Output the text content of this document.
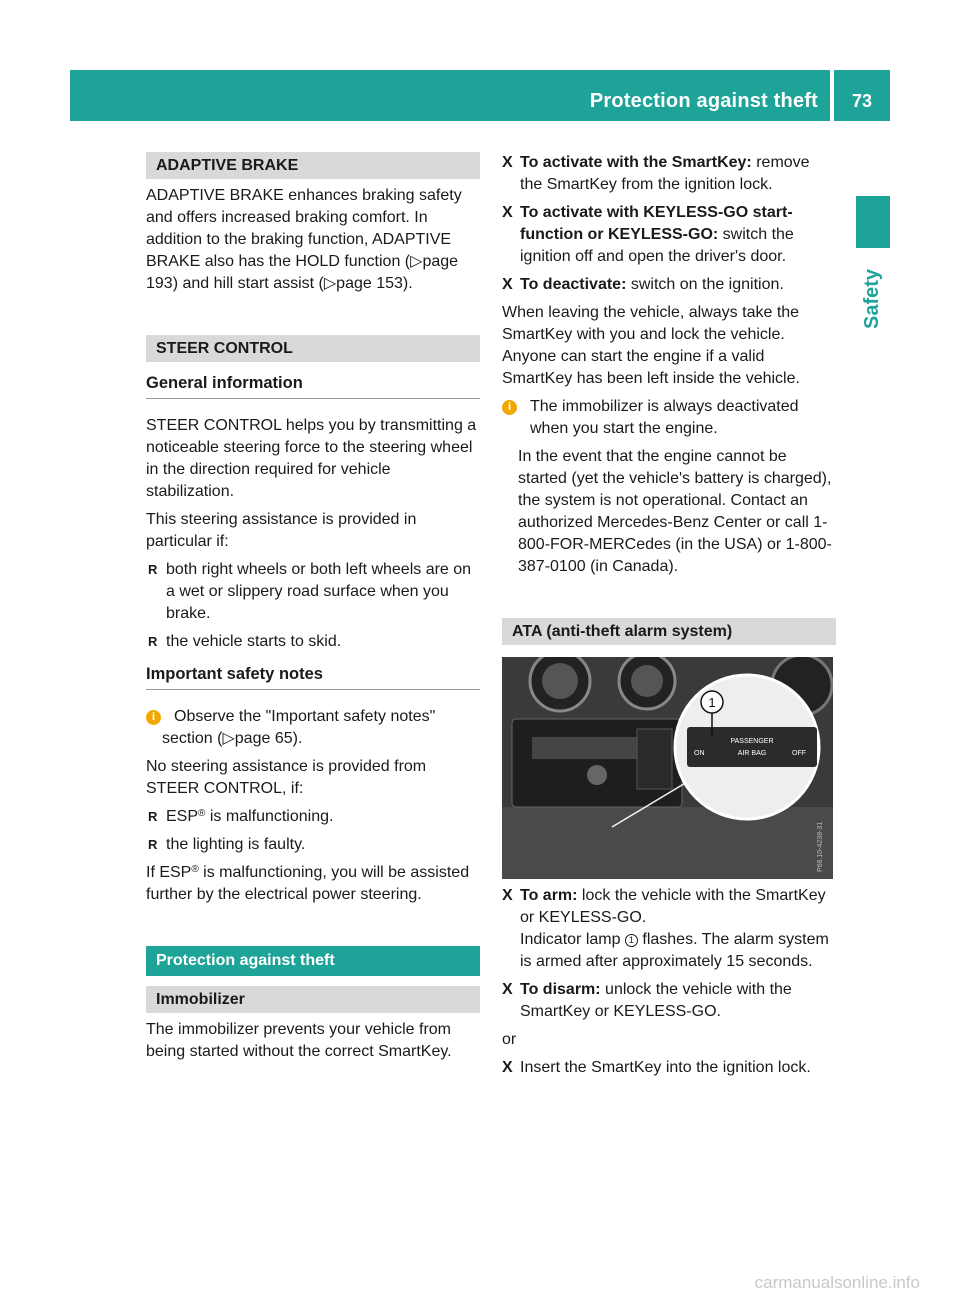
Protection against theft	73
Safety
ADAPTIVE BRAKE

ADAPTIVE BRAKE enhances braking safety and offers increased braking comfort. In addition to the braking function, ADAPTIVE BRAKE also has the HOLD function (▷page 193) and hill start assist (▷page 153).

STEER CONTROL
General information

STEER CONTROL helps you by transmitting a noticeable steering force to the steering wheel in the direction required for vehicle stabilization.

This steering assistance is provided in particular if:

R both right wheels or both left wheels are on a wet or slippery road surface when you brake.
R the vehicle starts to skid.
Important safety notes
i	Observe the "Important safety notes" section (▷page 65).

No steering assistance is provided from STEER CONTROL, if:

R ESP® is malfunctioning.
R the lighting is faulty.

If ESP® is malfunctioning, you will be assisted further by the electrical power steering.

Protection against theft
Immobilizer

The immobilizer prevents your vehicle from being started without the correct SmartKey.

X To activate with the SmartKey: remove the SmartKey from the ignition lock.
X To activate with KEYLESS-GO start-function or KEYLESS-GO: switch the ignition off and open the driver's door.
X To deactivate: switch on the ignition.

When leaving the vehicle, always take the SmartKey with you and lock the vehicle. Anyone can start the engine if a valid SmartKey has been left inside the vehicle.

i	The immobilizer is always deactivated when you start the engine.

In the event that the engine cannot be started (yet the vehicle's battery is charged), the system is not operational. Contact an authorized Mercedes-Benz Center or call 1-800-FOR-MERCedes (in the USA) or 1-800-387-0100 (in Canada).

ATA (anti-theft alarm system)
1
ON
PASSENGER
AIR BAG	OFF
P68.10-4238-31
X To arm: lock the vehicle with the SmartKey or KEYLESS-GO.
Indicator lamp 1 flashes. The alarm system is armed after approximately 15 seconds.
X To disarm: unlock the vehicle with the SmartKey or KEYLESS-GO.

or

X Insert the SmartKey into the ignition lock.
carmanualsonline.info
